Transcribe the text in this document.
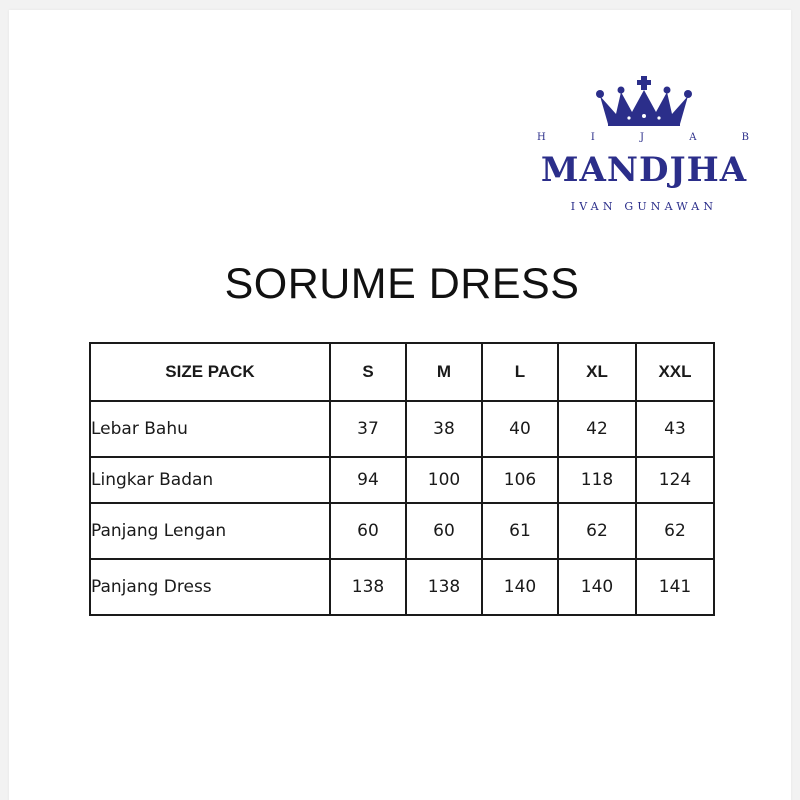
H	I	J	A	B
MANDJHA
IVAN GUNAWAN
SORUME DRESS
SIZE PACK	S	M	L	XL	XXL
Lebar Bahu	37	38	40	42	43
Lingkar Badan	94	100	106	118	124
Panjang Lengan	60	60	61	62	62
Panjang Dress	138	138	140	140	141
